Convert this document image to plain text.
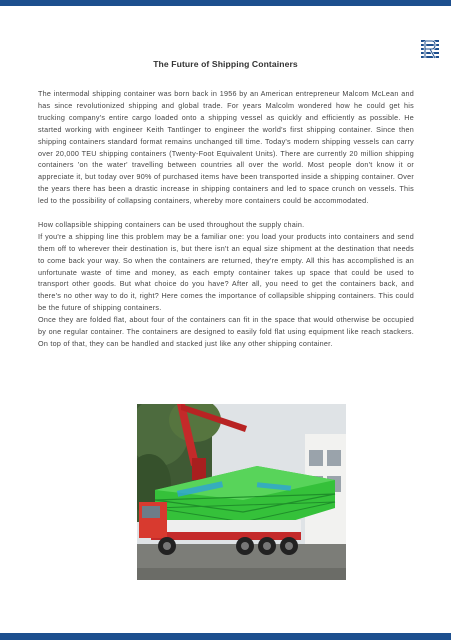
The Future of Shipping Containers

The intermodal shipping container was born back in 1956 by an American entrepreneur Malcom McLean and has since revolutionized shipping and global trade. For years Malcolm wondered how he could get his trucking company's entire cargo loaded onto a shipping vessel as quickly and efficiently as possible. He started working with engineer Keith Tantlinger to engineer the world's first shipping container. Since then shipping containers standard format remains unchanged till time. Today's modern shipping vessels can carry over 20,000 TEU shipping containers (Twenty-Foot Equivalent Units). There are currently 20 million shipping containers 'on the water' travelling between countries all over the world. Most people don't know it or appreciate it, but today over 90% of purchased items have been transported inside a shipping container. Over the years there has been a drastic increase in shipping containers and led to space crunch on vessels. This led to the possibility of collapsing containers, whereby more containers could be accommodated.

How collapsible shipping containers can be used throughout the supply chain.

If you're a shipping line this problem may be a familiar one: you load your products into containers and send them off to wherever their destination is, but there isn't an equal size shipment at the destination that needs to come back your way. So when the containers are returned, they're empty. All this has accomplished is an unfortunate waste of time and money, as each empty container takes up space that could be used to transport other goods. But what choice do you have? After all, you need to get the containers back, and there's no other way to do it, right? Here comes the importance of collapsible shipping containers. This could be the future of shipping containers.

Once they are folded flat, about four of the containers can fit in the space that would otherwise be occupied by one regular container. The containers are designed to easily fold flat using equipment like reach stackers. On top of that, they can be handled and stacked just like any other shipping container.
